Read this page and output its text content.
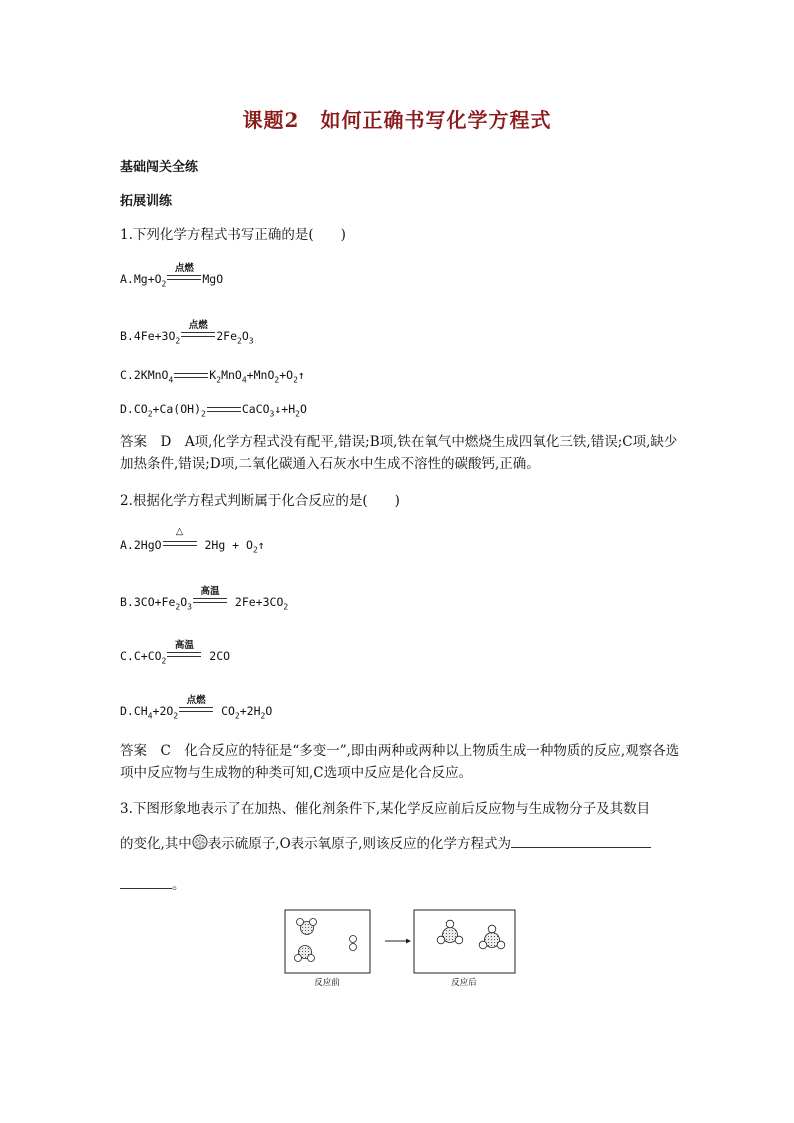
课题2　如何正确书写化学方程式
基础闯关全练
拓展训练
1.下列化学方程式书写正确的是(　　)
$A.Mg+O_2$
点燃
MgO
$B.4Fe+3O_2$
点燃
$2Fe_2O_3$
C.2KMnO$_4$	$K_2MnO_4+MnO_2+O_2↑$
$D.CO_2+Ca(OH)_2$	$CaCO_3↓+H_2O$
答案　D　A项,化学方程式没有配平,错误;B项,铁在氧气中燃烧生成四氧化三铁,错误;C项,缺少加热条件,错误;D项,二氧化碳通入石灰水中生成不溶性的碳酸钙,正确。
2.根据化学方程式判断属于化合反应的是(　　)
A.2HgO
△
$2Hg + O_2↑$
$B.3CO+Fe_2O_3$
高温
$2Fe+3CO_2$
$C.C+CO_2$
高温
2CO
$D.CH_4+2O_2$
点燃
$CO_2+2H_2O$
答案　C　化合反应的特征是“多变一”,即由两种或两种以上物质生成一种物质的反应,观察各选项中反应物与生成物的种类可知,C选项中反应是化合反应。
3.下图形象地表示了在加热、催化剂条件下,某化学反应前后反应物与生成物分子及其数目
的变化,其中 表示硫原子,O表示氧原子,则该反应的化学方程式为
。
反应前	反应后
